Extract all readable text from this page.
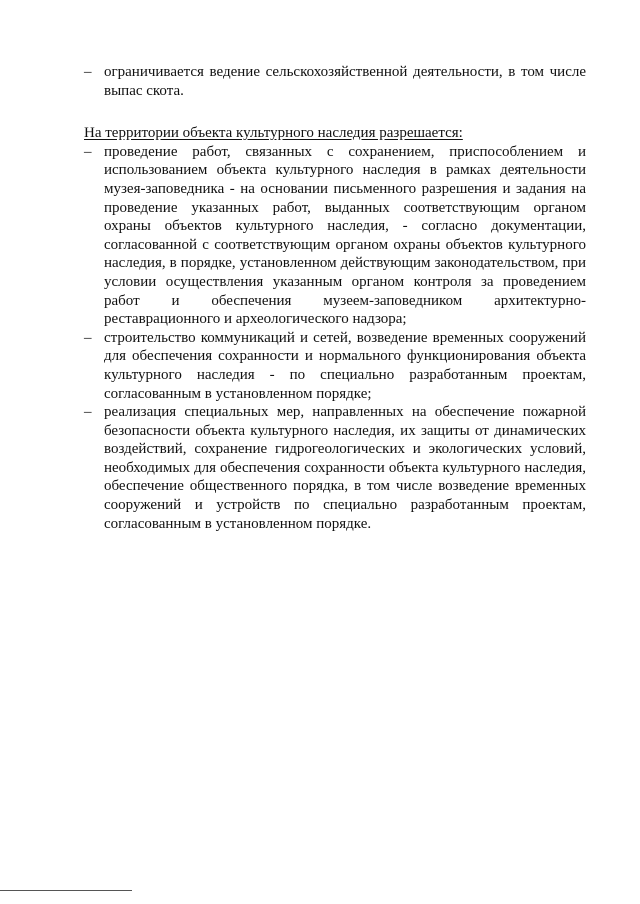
– ограничивается ведение сельскохозяйственной деятельности, в том числе выпас скота.
На территории объекта культурного наследия разрешается:
– проведение работ, связанных с сохранением, приспособлением и использованием объекта культурного наследия в рамках деятельности музея-заповедника - на основании письменного разрешения и задания на проведение указанных работ, выданных соответствующим органом охраны объектов культурного наследия, - согласно документации, согласованной с соответствующим органом охраны объектов культурного наследия, в порядке, установленном действующим законодательством, при условии осуществления указанным органом контроля за проведением работ и обеспечения музеем-заповедником архитектурно-реставрационного и археологического надзора;
– строительство коммуникаций и сетей, возведение временных сооружений для обеспечения сохранности и нормального функционирования объекта культурного наследия - по специально разработанным проектам, согласованным в установленном порядке;
– реализация специальных мер, направленных на обеспечение пожарной безопасности объекта культурного наследия, их защиты от динамических воздействий, сохранение гидрогеологических и экологических условий, необходимых для обеспечения сохранности объекта культурного наследия, обеспечение общественного порядка, в том числе возведение временных сооружений и устройств по специально разработанным проектам, согласованным в установленном порядке.
